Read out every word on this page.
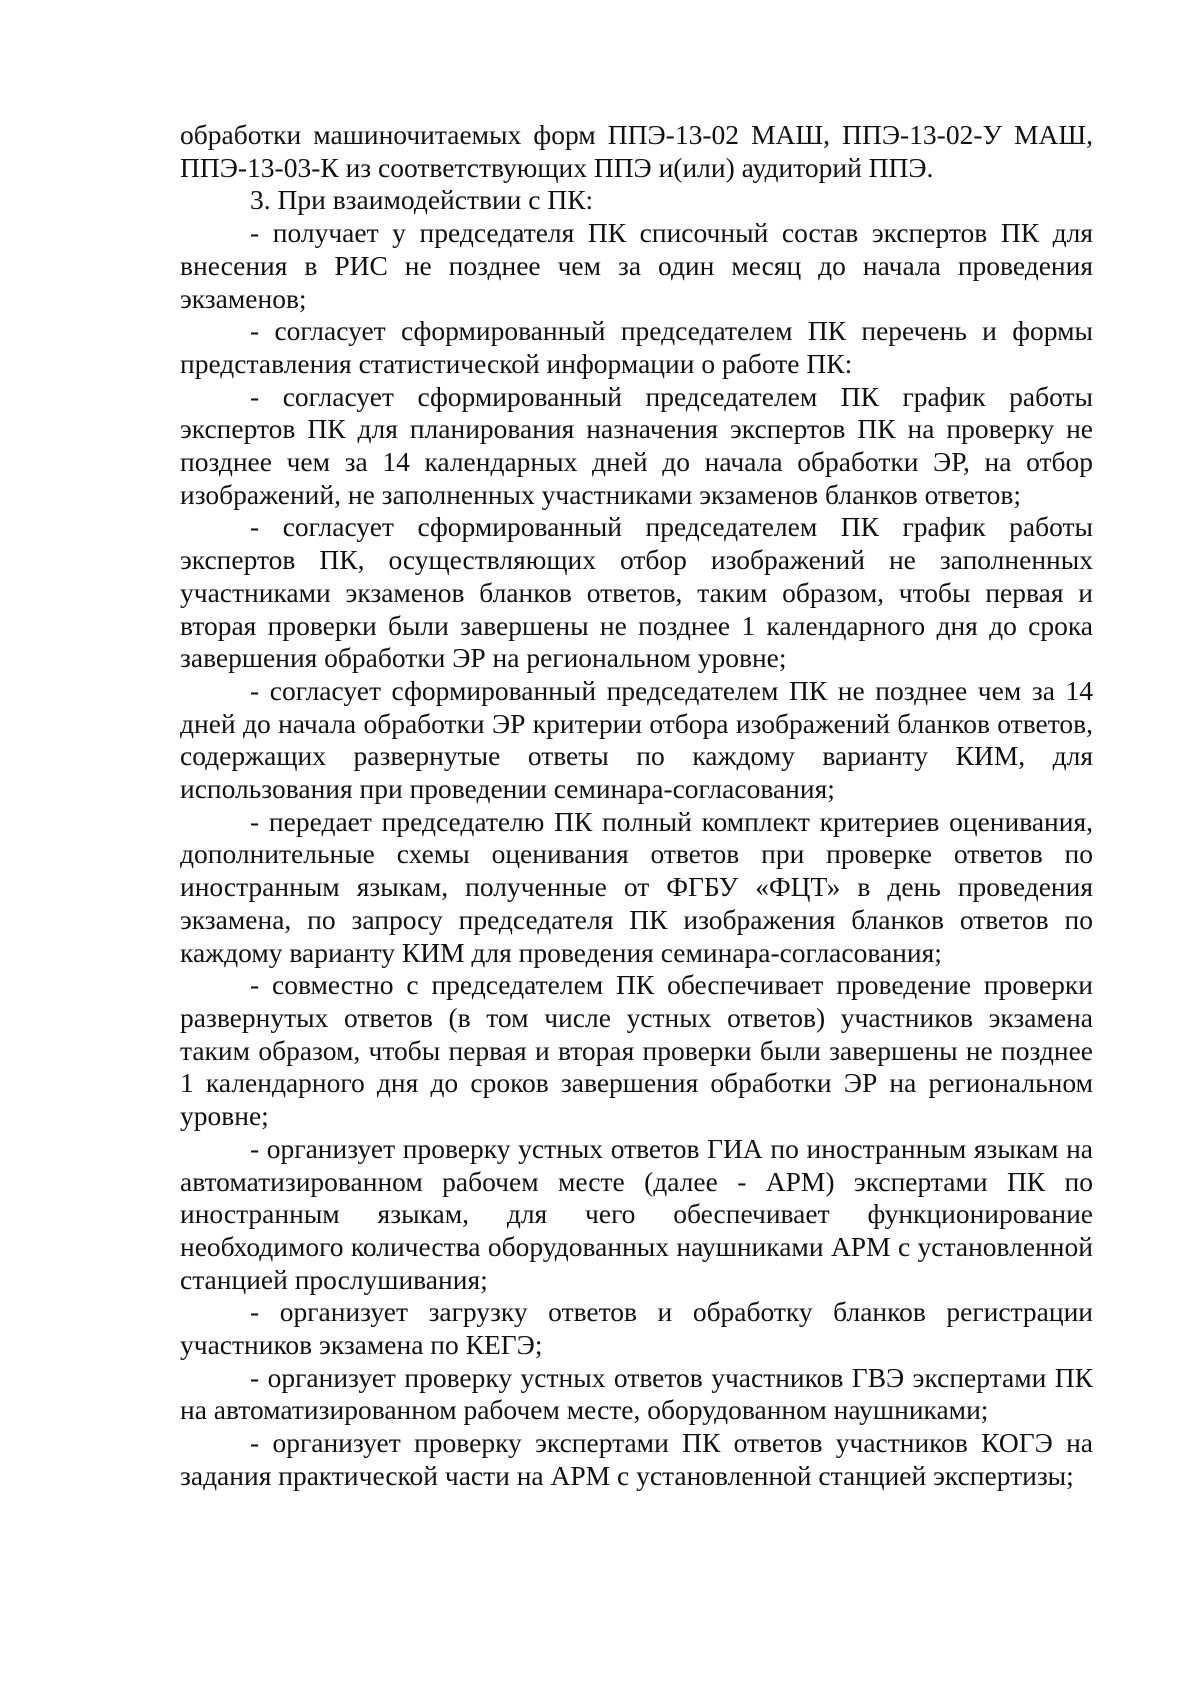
обработки машиночитаемых форм ППЭ-13-02 МАШ, ППЭ-13-02-У МАШ, ППЭ-13-03-К из соответствующих ППЭ и(или) аудиторий ППЭ.

3. При взаимодействии с ПК:

- получает у председателя ПК списочный состав экспертов ПК для внесения в РИС не позднее чем за один месяц до начала проведения экзаменов;

- согласует сформированный председателем ПК перечень и формы представления статистической информации о работе ПК:

- согласует сформированный председателем ПК график работы экспертов ПК для планирования назначения экспертов ПК на проверку не позднее чем за 14 календарных дней до начала обработки ЭР, на отбор изображений, не заполненных участниками экзаменов бланков ответов;

- согласует сформированный председателем ПК график работы экспертов ПК, осуществляющих отбор изображений не заполненных участниками экзаменов бланков ответов, таким образом, чтобы первая и вторая проверки были завершены не позднее 1 календарного дня до срока завершения обработки ЭР на региональном уровне;

- согласует сформированный председателем ПК не позднее чем за 14 дней до начала обработки ЭР критерии отбора изображений бланков ответов, содержащих развернутые ответы по каждому варианту КИМ, для использования при проведении семинара-согласования;

- передает председателю ПК полный комплект критериев оценивания, дополнительные схемы оценивания ответов при проверке ответов по иностранным языкам, полученные от ФГБУ «ФЦТ» в день проведения экзамена, по запросу председателя ПК изображения бланков ответов по каждому варианту КИМ для проведения семинара-согласования;

- совместно с председателем ПК обеспечивает проведение проверки развернутых ответов (в том числе устных ответов) участников экзамена таким образом, чтобы первая и вторая проверки были завершены не позднее 1 календарного дня до сроков завершения обработки ЭР на региональном уровне;

- организует проверку устных ответов ГИА по иностранным языкам на автоматизированном рабочем месте (далее - АРМ) экспертами ПК по иностранным языкам, для чего обеспечивает функционирование необходимого количества оборудованных наушниками АРМ с установленной станцией прослушивания;

- организует загрузку ответов и обработку бланков регистрации участников экзамена по КЕГЭ;

- организует проверку устных ответов участников ГВЭ экспертами ПК на автоматизированном рабочем месте, оборудованном наушниками;

- организует проверку экспертами ПК ответов участников КОГЭ на задания практической части на АРМ с установленной станцией экспертизы;
